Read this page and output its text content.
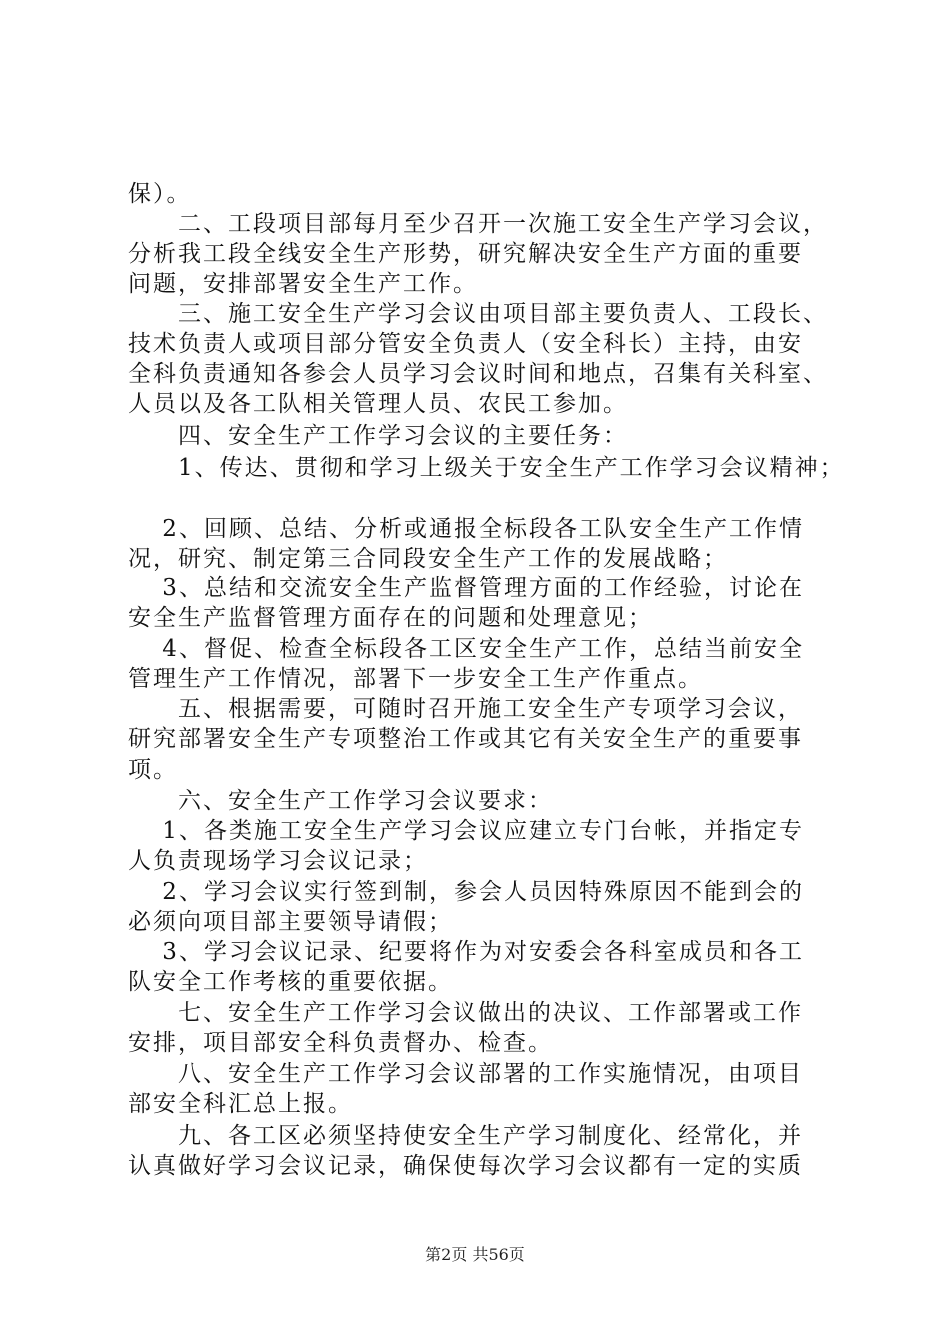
保）。
　　二、工段项目部每月至少召开一次施工安全生产学习会议，
分析我工段全线安全生产形势，研究解决安全生产方面的重要
问题，安排部署安全生产工作。
　　三、施工安全生产学习会议由项目部主要负责人、工段长、
技术负责人或项目部分管安全负责人（安全科长）主持，由安
全科负责通知各参会人员学习会议时间和地点，召集有关科室、
人员以及各工队相关管理人员、农民工参加。
　　四、安全生产工作学习会议的主要任务：
　　1、传达、贯彻和学习上级关于安全生产工作学习会议精神；
　 2、回顾、总结、分析或通报全标段各工队安全生产工作情
况，研究、制定第三合同段安全生产工作的发展战略；
　 3、总结和交流安全生产监督管理方面的工作经验，讨论在
安全生产监督管理方面存在的问题和处理意见；
　 4、督促、检查全标段各工区安全生产工作，总结当前安全
管理生产工作情况，部署下一步安全工生产作重点。
　　五、根据需要，可随时召开施工安全生产专项学习会议，
研究部署安全生产专项整治工作或其它有关安全生产的重要事
项。
　　六、安全生产工作学习会议要求：
　 1、各类施工安全生产学习会议应建立专门台帐，并指定专
人负责现场学习会议记录；
　 2、学习会议实行签到制，参会人员因特殊原因不能到会的
必须向项目部主要领导请假；
　 3、学习会议记录、纪要将作为对安委会各科室成员和各工
队安全工作考核的重要依据。
　　七、安全生产工作学习会议做出的决议、工作部署或工作
安排，项目部安全科负责督办、检查。
　　八、安全生产工作学习会议部署的工作实施情况，由项目
部安全科汇总上报。
　　九、各工区必须坚持使安全生产学习制度化、经常化，并
认真做好学习会议记录，确保使每次学习会议都有一定的实质
第2页 共56页
